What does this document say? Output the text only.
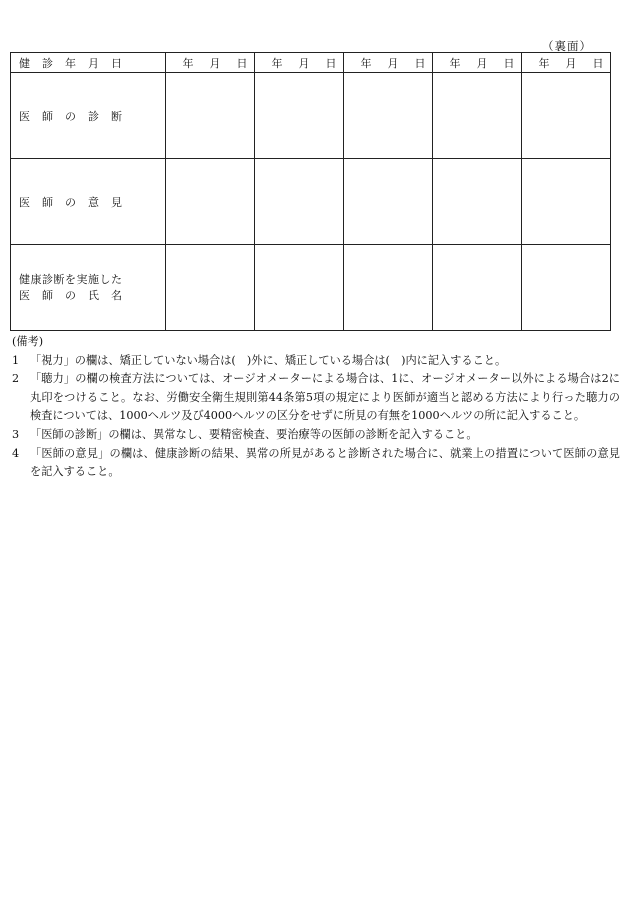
（裏面）
健　診　年　月　日	年　 月　 日	年　 月　 日	年　 月　 日	年　 月　 日	年　 月　 日

医　師　の　診　断					

医　師　の　意　見					

健康診断を実施した
医　師　の　氏　名					

(備考)
1 「視力」の欄は、矯正していない場合は(　)外に、矯正している場合は(　)内に記入すること。
2 「聴力」の欄の検査方法については、オージオメーターによる場合は、1に、オージオメーター以外による場合は2に丸印をつけること。なお、労働安全衛生規則第44条第5項の規定により医師が適当と認める方法により行った聴力の検査については、1000ヘルツ及び4000ヘルツの区分をせずに所見の有無を1000ヘルツの所に記入すること。
3 「医師の診断」の欄は、異常なし、要精密検査、要治療等の医師の診断を記入すること。
4 「医師の意見」の欄は、健康診断の結果、異常の所見があると診断された場合に、就業上の措置について医師の意見を記入すること。
